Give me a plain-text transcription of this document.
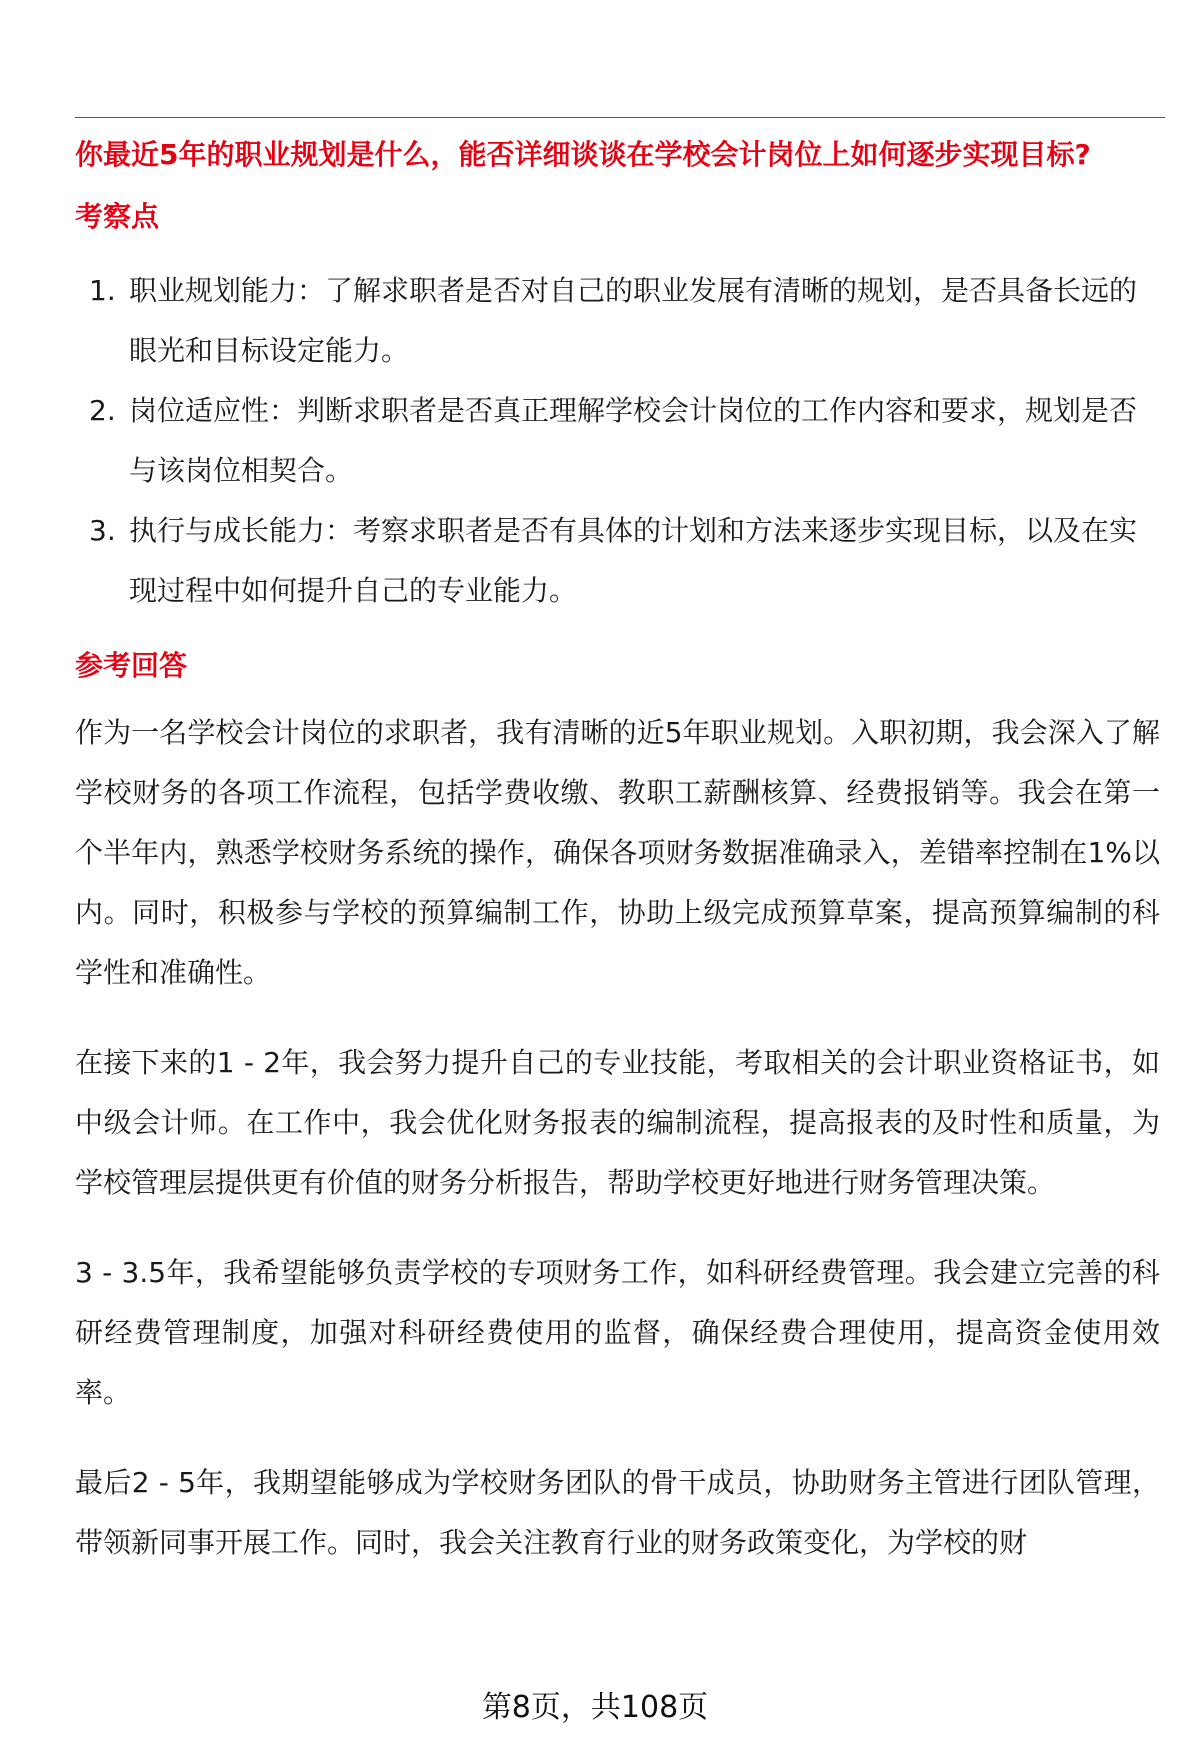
你最近5年的职业规划是什么，能否详细谈谈在学校会计岗位上如何逐步实现目标?

考察点

1. 职业规划能力：了解求职者是否对自己的职业发展有清晰的规划，是否具备长远的眼光和目标设定能力。
2. 岗位适应性：判断求职者是否真正理解学校会计岗位的工作内容和要求，规划是否与该岗位相契合。
3. 执行与成长能力：考察求职者是否有具体的计划和方法来逐步实现目标，以及在实现过程中如何提升自己的专业能力。

参考回答

作为一名学校会计岗位的求职者，我有清晰的近5年职业规划。入职初期，我会深入了解学校财务的各项工作流程，包括学费收缴、教职工薪酬核算、经费报销等。我会在第一个半年内，熟悉学校财务系统的操作，确保各项财务数据准确录入，差错率控制在1%以内。同时，积极参与学校的预算编制工作，协助上级完成预算草案，提高预算编制的科学性和准确性。

在接下来的1 - 2年，我会努力提升自己的专业技能，考取相关的会计职业资格证书，如中级会计师。在工作中，我会优化财务报表的编制流程，提高报表的及时性和质量，为学校管理层提供更有价值的财务分析报告，帮助学校更好地进行财务管理决策。

3 - 3.5年，我希望能够负责学校的专项财务工作，如科研经费管理。我会建立完善的科研经费管理制度，加强对科研经费使用的监督，确保经费合理使用，提高资金使用效率。

最后2 - 5年，我期望能够成为学校财务团队的骨干成员，协助财务主管进行团队管理，带领新同事开展工作。同时，我会关注教育行业的财务政策变化，为学校的财

第8页，共108页
